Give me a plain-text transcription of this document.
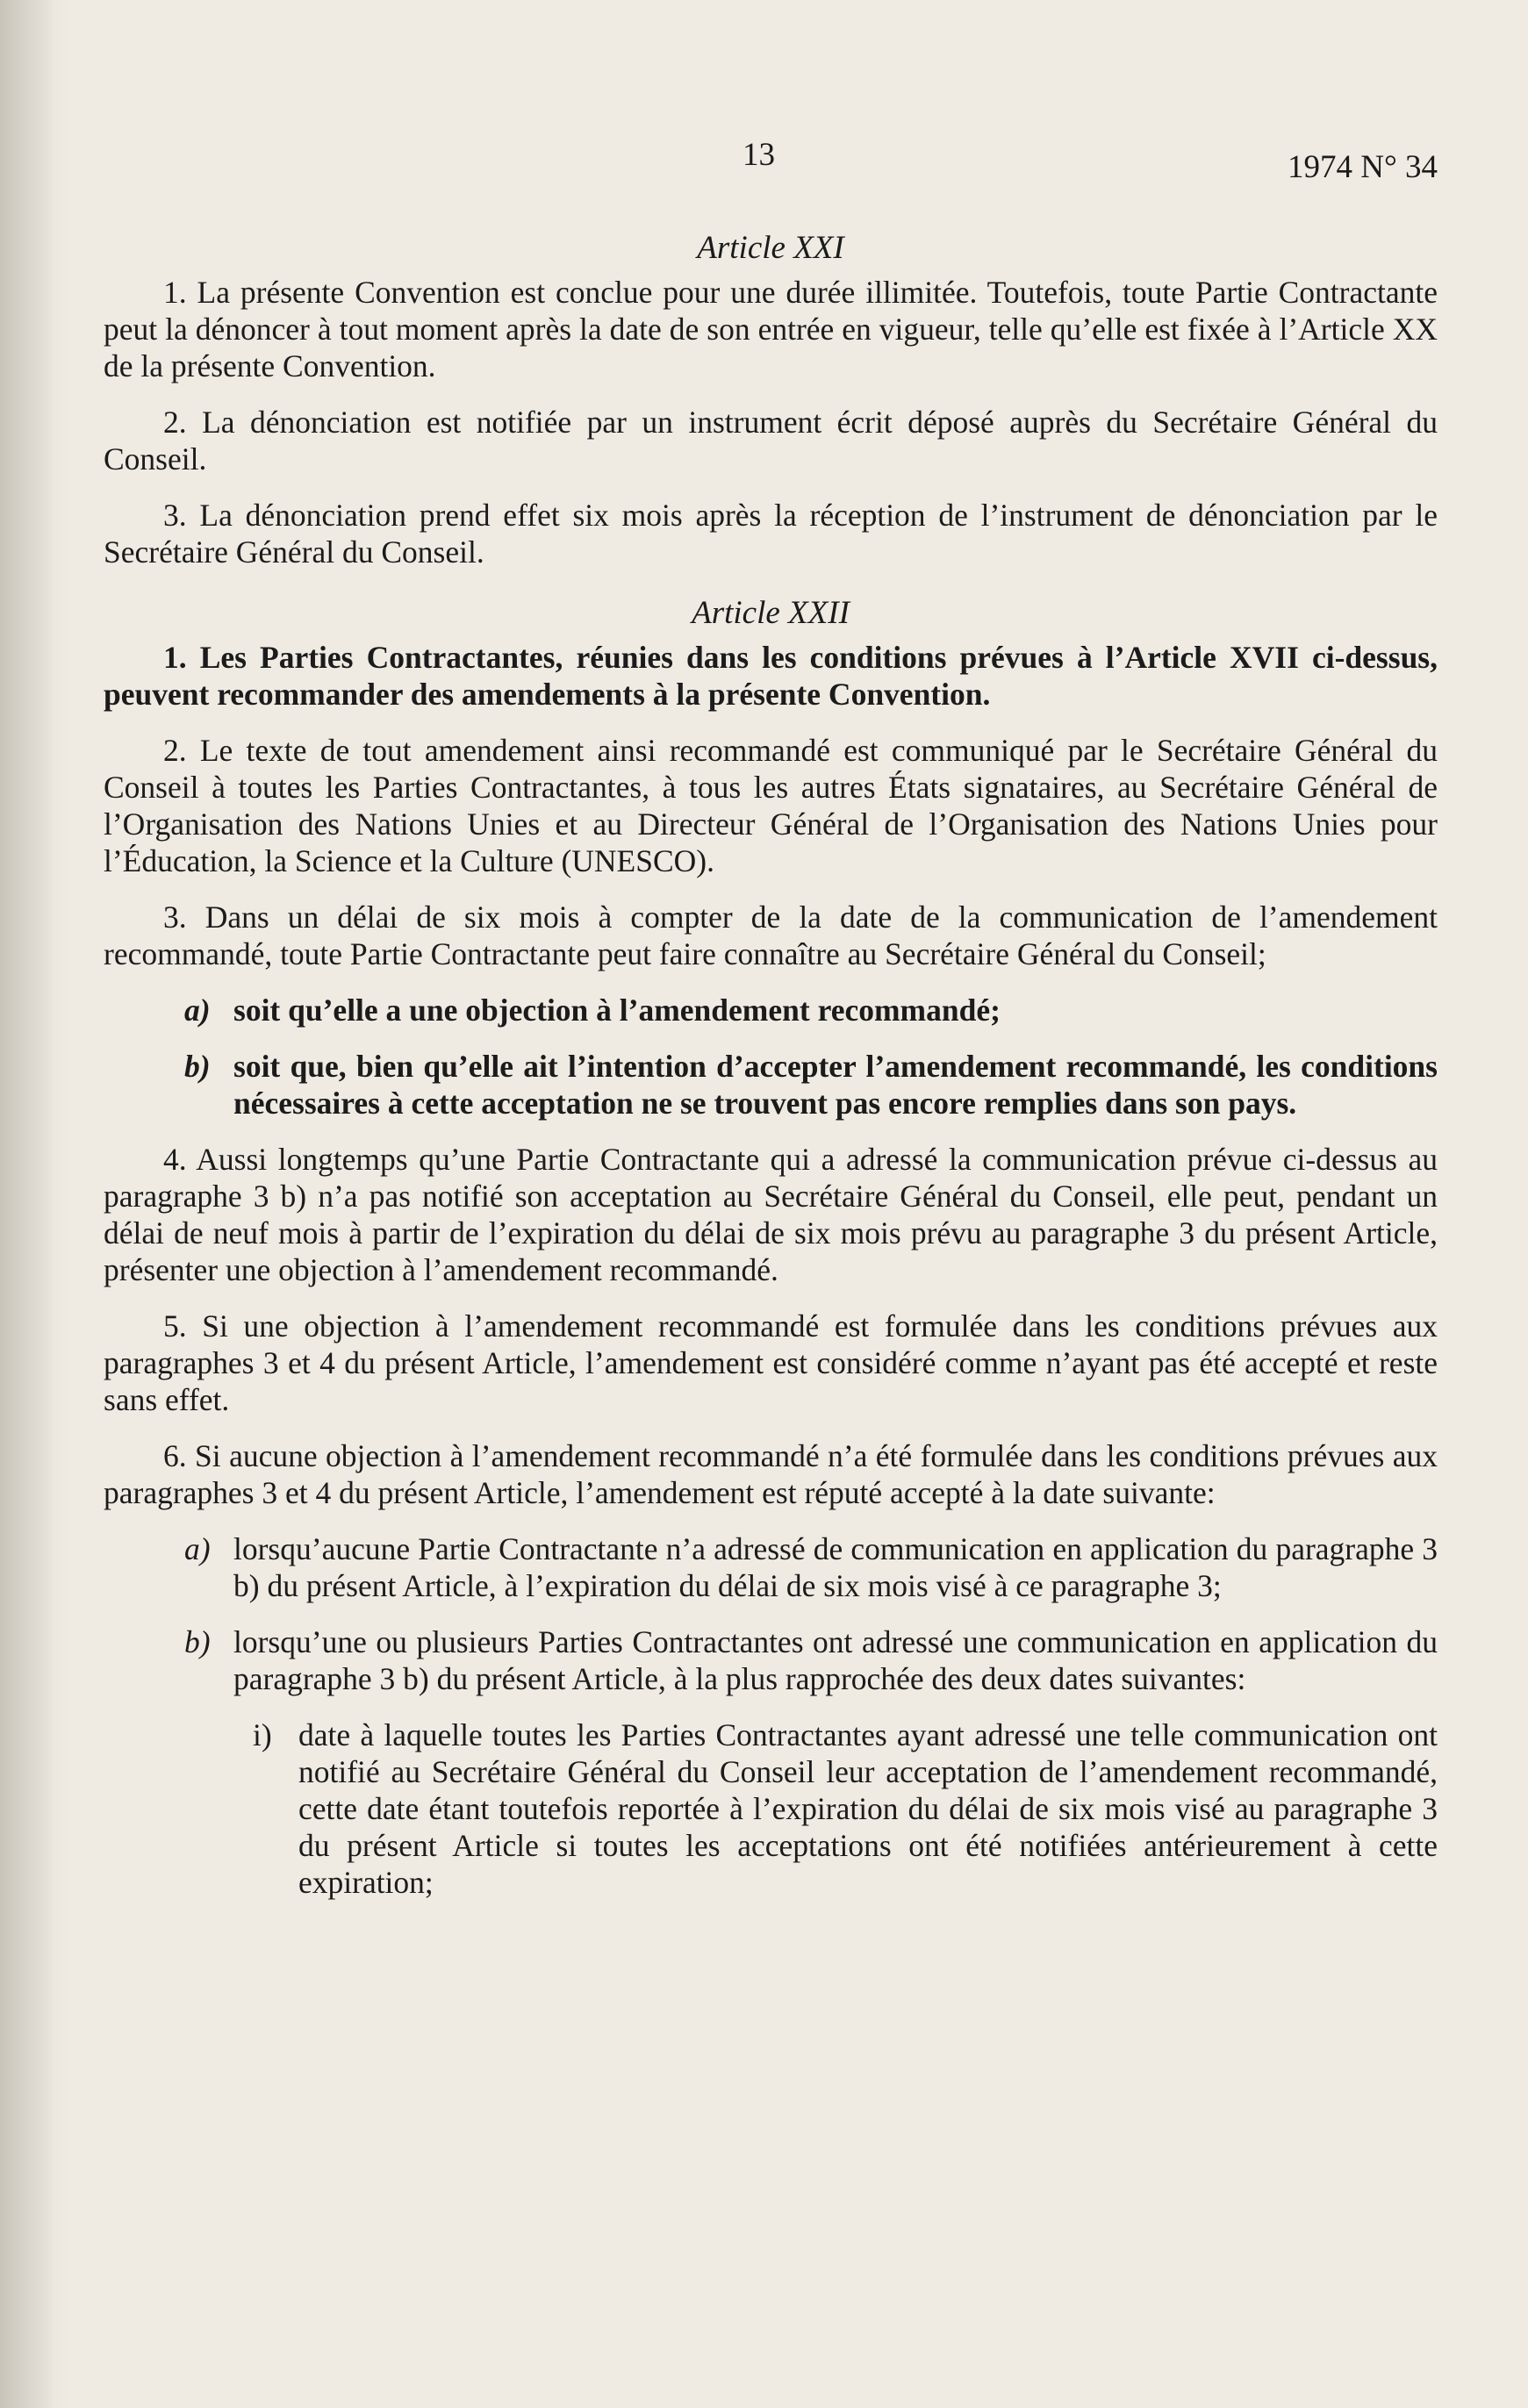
13	1974 N° 34
Article XXI

1. La présente Convention est conclue pour une durée illimitée. Toutefois, toute Partie Contractante peut la dénoncer à tout moment après la date de son entrée en vigueur, telle qu’elle est fixée à l’Article XX de la présente Convention.

2. La dénonciation est notifiée par un instrument écrit déposé auprès du Secrétaire Général du Conseil.

3. La dénonciation prend effet six mois après la réception de l’instrument de dénonciation par le Secrétaire Général du Conseil.

Article XXII

1. Les Parties Contractantes, réunies dans les conditions prévues à l’Article XVII ci-dessus, peuvent recommander des amendements à la présente Convention.

2. Le texte de tout amendement ainsi recommandé est communiqué par le Secrétaire Général du Conseil à toutes les Parties Contractantes, à tous les autres États signataires, au Secrétaire Général de l’Organisation des Nations Unies et au Directeur Général de l’Organisation des Nations Unies pour l’Éducation, la Science et la Culture (UNESCO).

3. Dans un délai de six mois à compter de la date de la communication de l’amendement recommandé, toute Partie Contractante peut faire connaître au Secrétaire Général du Conseil;

a) soit qu’elle a une objection à l’amendement recommandé;
b) soit que, bien qu’elle ait l’intention d’accepter l’amendement recommandé, les conditions nécessaires à cette acceptation ne se trouvent pas encore remplies dans son pays.

4. Aussi longtemps qu’une Partie Contractante qui a adressé la communication prévue ci-dessus au paragraphe 3 b) n’a pas notifié son acceptation au Secrétaire Général du Conseil, elle peut, pendant un délai de neuf mois à partir de l’expiration du délai de six mois prévu au paragraphe 3 du présent Article, présenter une objection à l’amendement recommandé.

5. Si une objection à l’amendement recommandé est formulée dans les conditions prévues aux paragraphes 3 et 4 du présent Article, l’amendement est considéré comme n’ayant pas été accepté et reste sans effet.

6. Si aucune objection à l’amendement recommandé n’a été formulée dans les conditions prévues aux paragraphes 3 et 4 du présent Article, l’amendement est réputé accepté à la date suivante:

a) lorsqu’aucune Partie Contractante n’a adressé de communication en application du paragraphe 3 b) du présent Article, à l’expiration du délai de six mois visé à ce paragraphe 3;
b) lorsqu’une ou plusieurs Parties Contractantes ont adressé une communication en application du paragraphe 3 b) du présent Article, à la plus rapprochée des deux dates suivantes:
i) date à laquelle toutes les Parties Contractantes ayant adressé une telle communication ont notifié au Secrétaire Général du Conseil leur acceptation de l’amendement recommandé, cette date étant toutefois reportée à l’expiration du délai de six mois visé au paragraphe 3 du présent Article si toutes les acceptations ont été notifiées antérieurement à cette expiration;
